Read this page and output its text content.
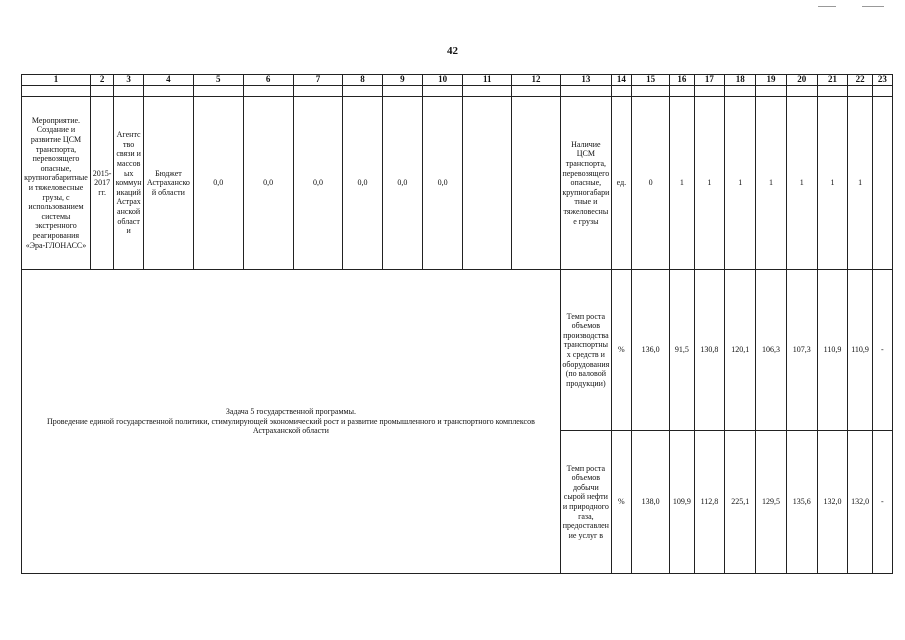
42
1	2	3	4	5	6	7	8	9	10	11	12	13	14	15	16	17	18	19	20	21	22	23

Мероприятие. Создание и развитие ЦСМ транспорта, перевозящего опасные, крупногабаритные и тяжеловесные грузы, с использованием системы экстренного реагирования «Эра-ГЛОНАСС»	2015-2017 гг.	Агентство связи и массовых коммуникаций Астраханской области	Бюджет Астраханской области	0,0	0,0	0,0	0,0	0,0	0,0			Наличие ЦСМ транспорта, перевозящего опасные, крупногабаритные и тяжеловесные грузы	ед.	0	1	1	1	1	1	1	1	

Задача 5 государственной программы.
Проведение единой государственной политики, стимулирующей экономический рост и развитие промышленного и транспортного комплексов Астраханской области												Темп роста объемов производства транспортных средств и оборудования (по валовой продукции)	%	136,0	91,5	130,8	120,1	106,3	107,3	110,9	110,9	-
												Темп роста объемов добычи сырой нефти и природного газа, предоставление услуг в	%	138,0	109,9	112,8	225,1	129,5	135,6	132,0	132,0	-
